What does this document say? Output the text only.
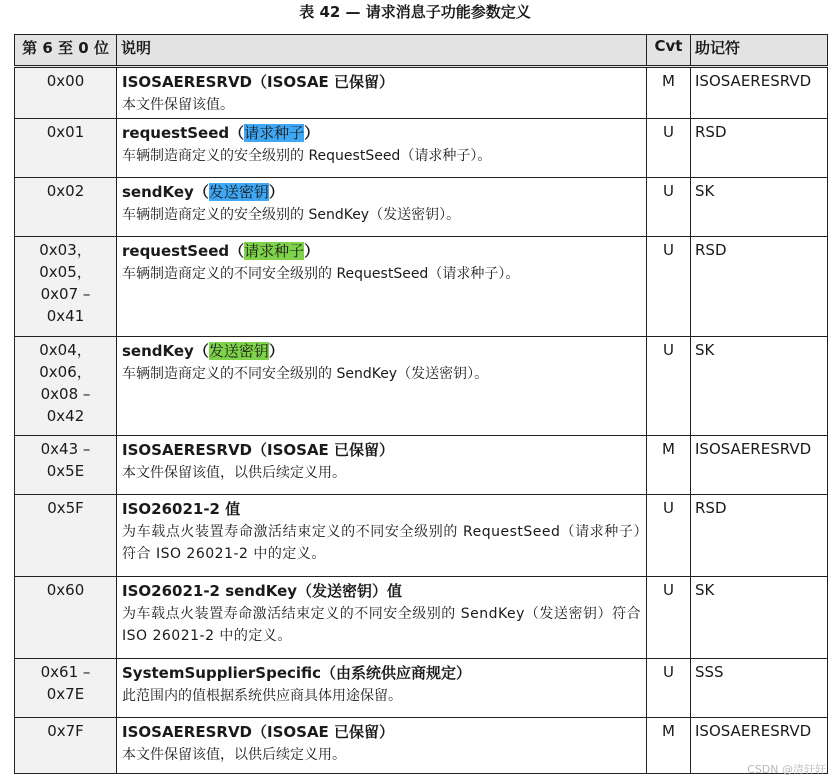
表 42 — 请求消息子功能参数定义
第 6 至 0 位	说明	Cvt	助记符

0x00	ISOSAERESRVD（ISOSAE 已保留）
本文件保留该值。	M	ISOSAERESRVD

0x01	requestSeed（请求种子）
车辆制造商定义的安全级别的 RequestSeed（请求种子）。	U	RSD

0x02	sendKey（发送密钥）
车辆制造商定义的安全级别的 SendKey（发送密钥）。	U	SK

0x03，
0x05，
0x07 –
0x41	requestSeed（请求种子）
车辆制造商定义的不同安全级别的 RequestSeed（请求种子）。	U	RSD

0x04，
0x06，
0x08 –
0x42	sendKey（发送密钥）
车辆制造商定义的不同安全级别的 SendKey（发送密钥）。	U	SK

0x43 –
0x5E	ISOSAERESRVD（ISOSAE 已保留）
本文件保留该值，以供后续定义用。	M	ISOSAERESRVD

0x5F	ISO26021-2 值
为车载点火装置寿命激活结束定义的不同安全级别的 RequestSeed（请求种子）符合 ISO 26021-2 中的定义。	U	RSD

0x60	ISO26021-2 sendKey（发送密钥）值
为车载点火装置寿命激活结束定义的不同安全级别的 SendKey（发送密钥）符合 ISO 26021-2 中的定义。	U	SK

0x61 –
0x7E	SystemSupplierSpecific（由系统供应商规定）
此范围内的值根据系统供应商具体用途保留。	U	SSS

0x7F	ISOSAERESRVD（ISOSAE 已保留）
本文件保留该值，以供后续定义用。	M	ISOSAERESRVD
CSDN @清轩轩
